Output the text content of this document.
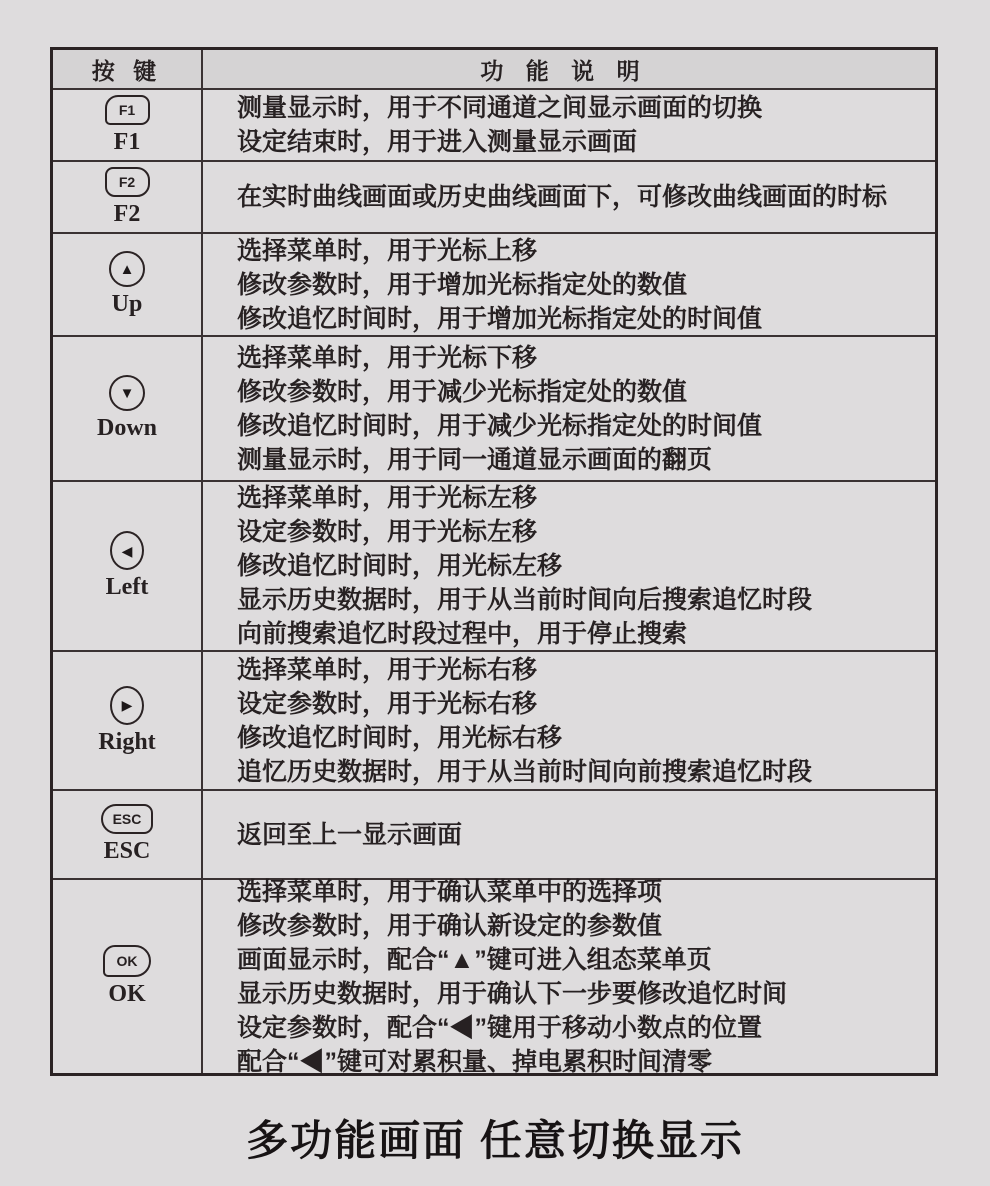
按 键	功 能 说 明
F1
F1
测量显示时，用于不同通道之间显示画面的切换
设定结束时，用于进入测量显示画面
F2
F2
在实时曲线画面或历史曲线画面下，可修改曲线画面的时标
▲
Up
选择菜单时，用于光标上移
修改参数时，用于增加光标指定处的数值
修改追忆时间时，用于增加光标指定处的时间值
▼
Down
选择菜单时，用于光标下移
修改参数时，用于减少光标指定处的数值
修改追忆时间时，用于减少光标指定处的时间值
测量显示时，用于同一通道显示画面的翻页
◀
Left
选择菜单时，用于光标左移
设定参数时，用于光标左移
修改追忆时间时，用光标左移
显示历史数据时，用于从当前时间向后搜索追忆时段
向前搜索追忆时段过程中，用于停止搜索
▶
Right
选择菜单时，用于光标右移
设定参数时，用于光标右移
修改追忆时间时，用光标右移
追忆历史数据时，用于从当前时间向前搜索追忆时段
ESC
ESC
返回至上一显示画面
OK
OK
选择菜单时，用于确认菜单中的选择项
修改参数时，用于确认新设定的参数值
画面显示时，配合“▲”键可进入组态菜单页
显示历史数据时，用于确认下一步要修改追忆时间
设定参数时，配合“◀”键用于移动小数点的位置
配合“◀”键可对累积量、掉电累积时间清零
多功能画面 任意切换显示
